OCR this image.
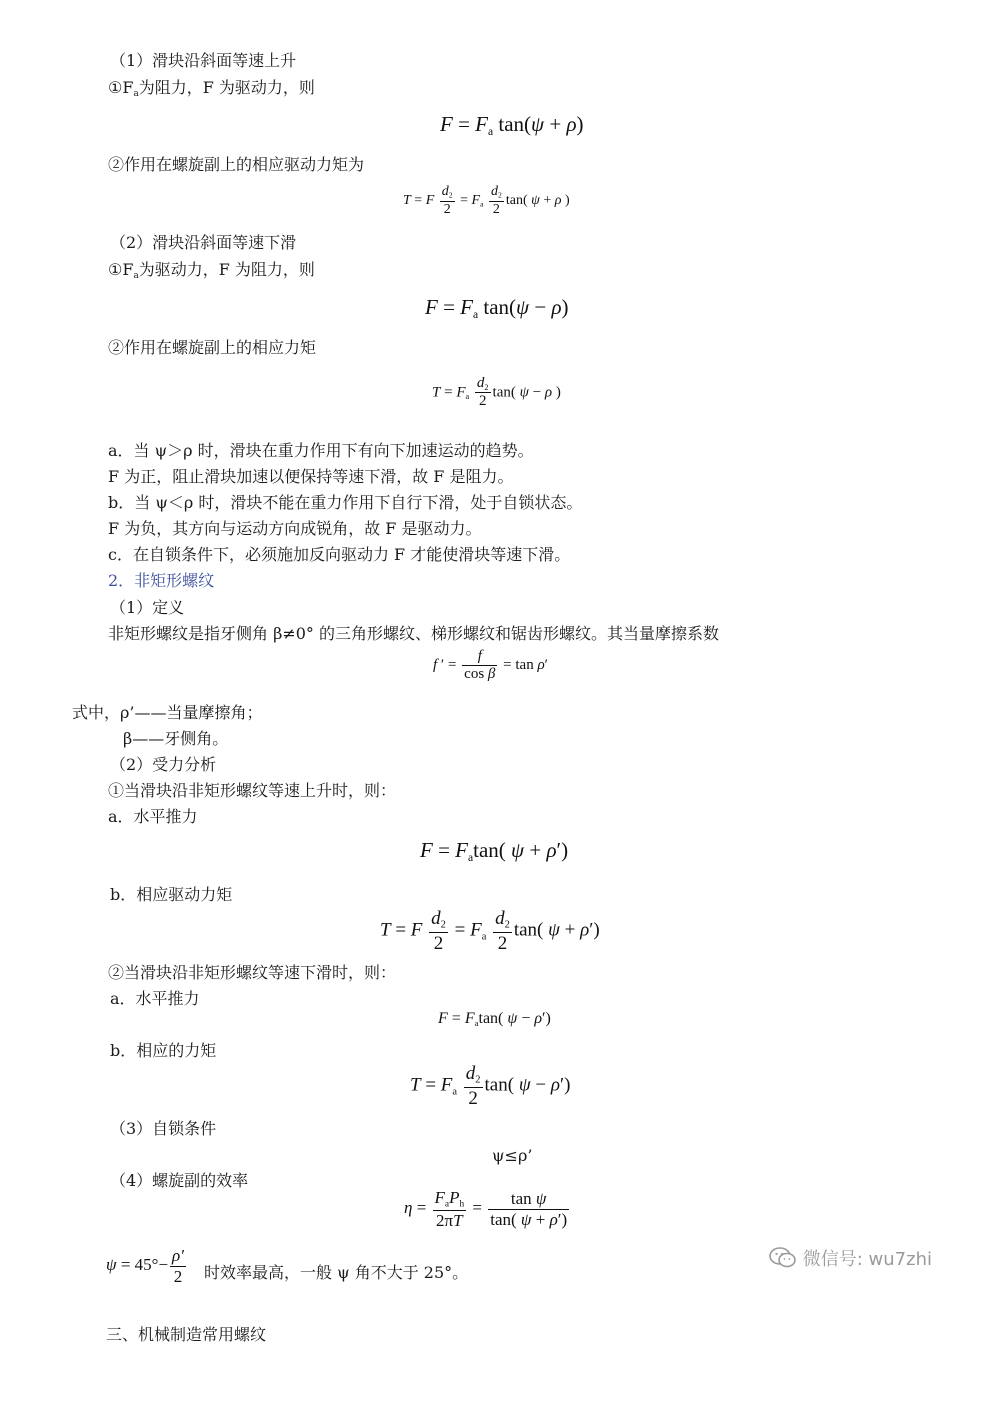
（1）滑块沿斜面等速上升
$①F_a$为阻力，F 为驱动力，则
$F = F_a$ tan(ψ + ρ)
②作用在螺旋副上的相应驱动力矩为
T = F $\frac{d_2}{2} = F_a \frac{d_2}{2} \tan$( ψ + ρ )
（2）滑块沿斜面等速下滑
$①F_a$为驱动力，F 为阻力，则
$F = F_a$ tan(ψ − ρ)
②作用在螺旋副上的相应力矩
$T = F_a \frac{d_2}{2} \tan$( ψ − ρ )
a．当 ψ＞ρ 时，滑块在重力作用下有向下加速运动的趋势。
F 为正，阻止滑块加速以便保持等速下滑，故 F 是阻力。
b．当 ψ＜ρ 时，滑块不能在重力作用下自行下滑，处于自锁状态。
F 为负，其方向与运动方向成锐角，故 F 是驱动力。
c．在自锁条件下，必须施加反向驱动力 F 才能使滑块等速下滑。
2．非矩形螺纹
（1）定义
非矩形螺纹是指牙侧角 β≠0° 的三角形螺纹、梯形螺纹和锯齿形螺纹。其当量摩擦系数
f ′ = $\frac{f}{\text{cos β}} = \tan \rho'$
式中，ρ’——当量摩擦角；
β——牙侧角。
（2）受力分析
①当滑块沿非矩形螺纹等速上升时，则：
a．水平推力
$F = F_a\tan$( ψ + ρ′)
b．相应驱动力矩
T = F $\frac{d_2}{2} = F_a \frac{d_2}{2} \tan$( ψ + ρ′)
②当滑块沿非矩形螺纹等速下滑时，则：
a．水平推力
$F = F_a\tan$( ψ − ρ′)
b．相应的力矩
$T = F_a \frac{d_2}{2} \tan$( ψ − ρ′)
（3）自锁条件
ψ≤ρ’
（4）螺旋副的效率
$\eta = \frac{F_aP_h}{2\pi T} = \frac{\text{tan ψ}}{\tan( \psi + \rho')}$
$\psi = 45^\circ- \frac{\rho'}{2}$ 时效率最高，一般 ψ 角不大于 25°。
三、机械制造常用螺纹
微信号: wu7zhi
